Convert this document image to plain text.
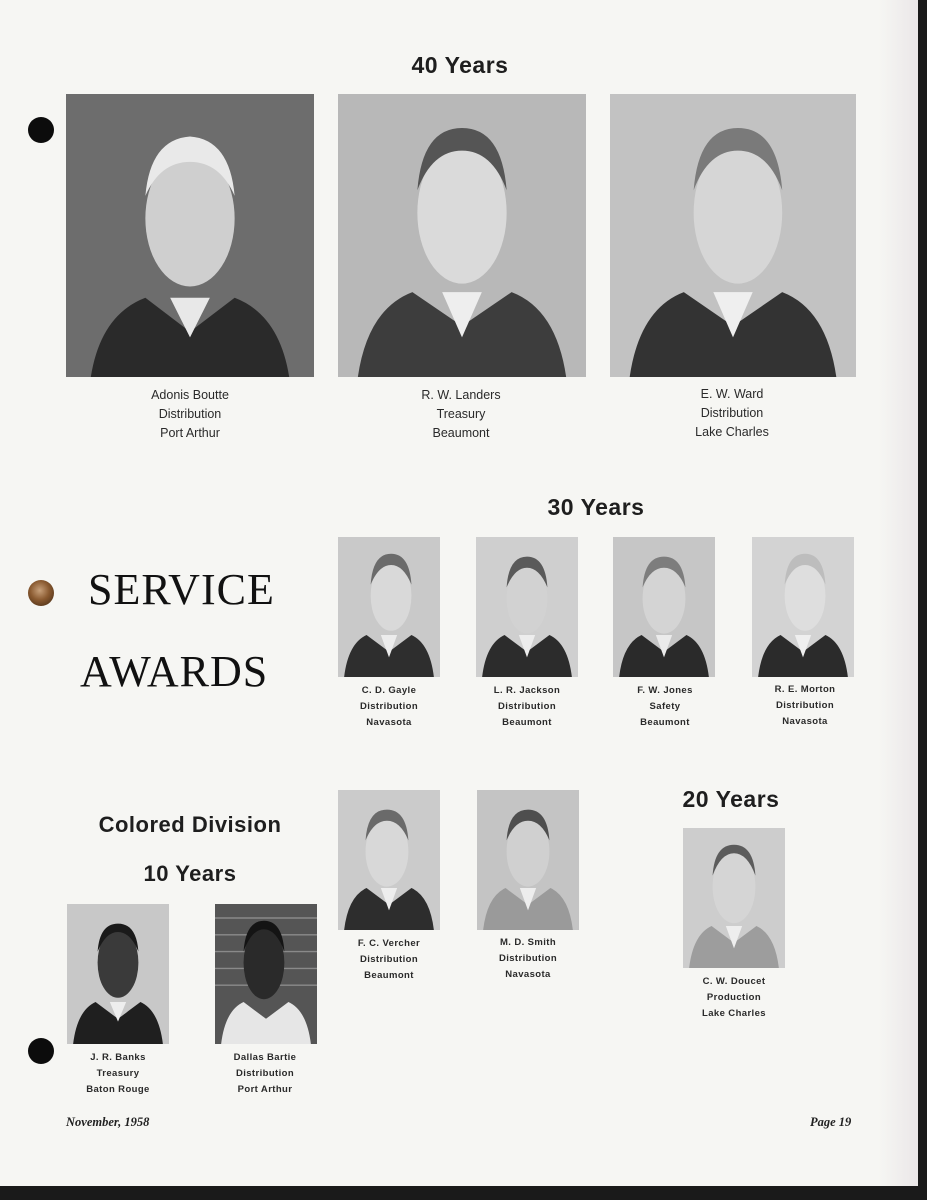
40 Years
Adonis Boutte
Distribution
Port Arthur
R. W. Landers
Treasury
Beaumont
E. W. Ward
Distribution
Lake Charles
30 Years
SERVICE
AWARDS	C. D. Gayle
Distribution
Navasota
L. R. Jackson
Distribution
Beaumont
F. W. Jones
Safety
Beaumont
R. E. Morton
Distribution
Navasota
F. C. Vercher
Distribution
Beaumont
M. D. Smith
Distribution
Navasota
20 Years
C. W. Doucet
Production
Lake Charles
Colored Division
10 Years
J. R. Banks
Treasury
Baton Rouge
Dallas Bartie
Distribution
Port Arthur
November, 1958	Page 19
